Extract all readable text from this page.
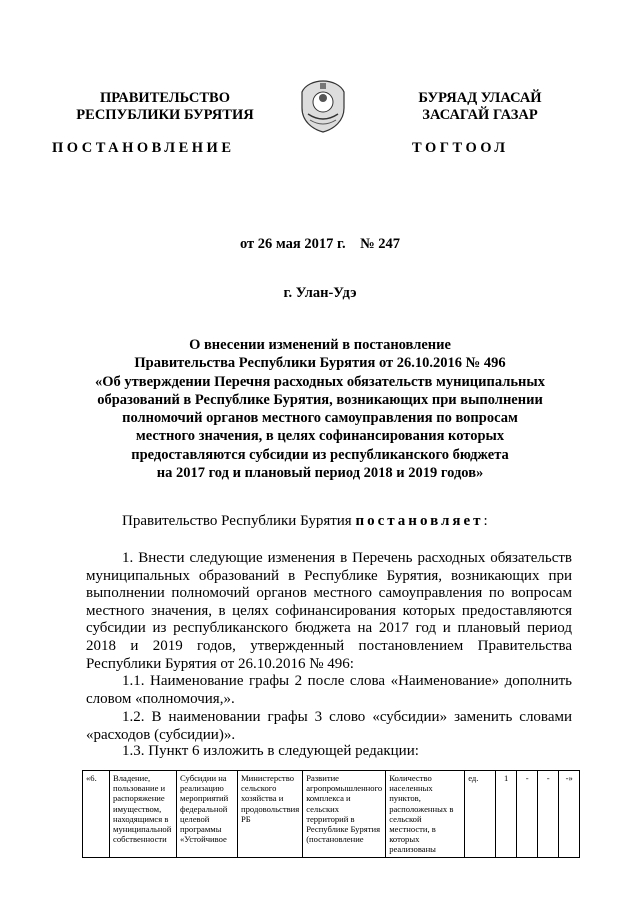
ПРАВИТЕЛЬСТВО
РЕСПУБЛИКИ БУРЯТИЯ
БУРЯАД УЛАСАЙ
ЗАСАГАЙ ГАЗАР
ПОСТАНОВЛЕНИЕ	ТОГТООЛ
от 26 мая 2017 г.    № 247
г. Улан-Удэ
О внесении изменений в постановление
Правительства Республики Бурятия от 26.10.2016 № 496
«Об утверждении Перечня расходных обязательств муниципальных
образований в Республике Бурятия, возникающих при выполнении
полномочий органов местного самоуправления по вопросам
местного значения, в целях софинансирования которых
предоставляются субсидии из республиканского бюджета
на 2017 год и плановый период 2018 и 2019 годов»
Правительство Республики Бурятия постановляет:
1. Внести следующие изменения в Перечень расходных обязательств муниципальных образований в Республике Бурятия, возникающих при выполнении полномочий органов местного самоуправления по вопросам местного значения, в целях софинансирования которых предоставляются субсидии из республиканского бюджета на 2017 год и плановый период 2018 и 2019 годов, утвержденный постановлением Правительства Республики Бурятия от 26.10.2016 № 496:
1.1. Наименование графы 2 после слова «Наименование» дополнить словом «полномочия,».
1.2. В наименовании графы 3 слово «субсидии» заменить словами «расходов (субсидии)».
1.3. Пункт 6 изложить в следующей редакции:
«6.	Владение, пользование и распоряжение имуществом, находящимся в муниципальной собственности	Субсидии на реализацию мероприятий федеральной целевой программы «Устойчивое	Министерство сельского хозяйства и продовольствия РБ	Развитие агропромышленного комплекса и сельских территорий в Республике Бурятия (постановление	Количество населенных пунктов, расположенных в сельской местности, в которых реализованы	ед.	1	-	-	-»
